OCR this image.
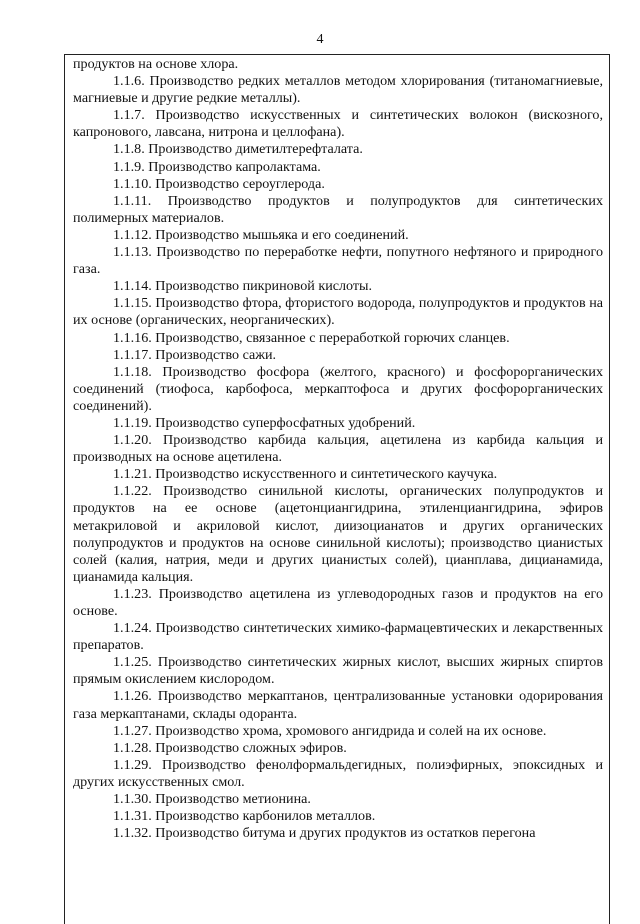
4

продуктов на основе хлора.

1.1.6. Производство редких металлов методом хлорирования (титаномагниевые, магниевые и другие редкие металлы).

1.1.7. Производство искусственных и синтетических волокон (вискозного, капронового, лавсана, нитрона и целлофана).

1.1.8. Производство диметилтерефталата.

1.1.9. Производство капролактама.

1.1.10. Производство сероуглерода.

1.1.11. Производство продуктов и полупродуктов для синтетических полимерных материалов.

1.1.12. Производство мышьяка и его соединений.

1.1.13. Производство по переработке нефти, попутного нефтяного и природного газа.

1.1.14. Производство пикриновой кислоты.

1.1.15. Производство фтора, фтористого водорода, полупродуктов и продуктов на их основе (органических, неорганических).

1.1.16. Производство, связанное с переработкой горючих сланцев.

1.1.17. Производство сажи.

1.1.18. Производство фосфора (желтого, красного) и фосфорорганических соединений (тиофоса, карбофоса, меркаптофоса и других фосфорорганических соединений).

1.1.19. Производство суперфосфатных удобрений.

1.1.20. Производство карбида кальция, ацетилена из карбида кальция и производных на основе ацетилена.

1.1.21. Производство искусственного и синтетического каучука.

1.1.22. Производство синильной кислоты, органических полупродуктов и продуктов на ее основе (ацетонциангидрина, этиленциангидрина, эфиров метакриловой и акриловой кислот, диизоцианатов и других органических полупродуктов и продуктов на основе синильной кислоты); производство цианистых солей (калия, натрия, меди и других цианистых солей), цианплава, дицианамида, цианамида кальция.

1.1.23. Производство ацетилена из углеводородных газов и продуктов на его основе.

1.1.24. Производство синтетических химико-фармацевтических и лекарственных препаратов.

1.1.25. Производство синтетических жирных кислот, высших жирных спиртов прямым окислением кислородом.

1.1.26. Производство меркаптанов, централизованные установки одорирования газа меркаптанами, склады одоранта.

1.1.27. Производство хрома, хромового ангидрида и солей на их основе.

1.1.28. Производство сложных эфиров.

1.1.29. Производство фенолформальдегидных, полиэфирных, эпоксидных и других искусственных смол.

1.1.30. Производство метионина.

1.1.31. Производство карбонилов металлов.

1.1.32. Производство битума и других продуктов из остатков перегона
